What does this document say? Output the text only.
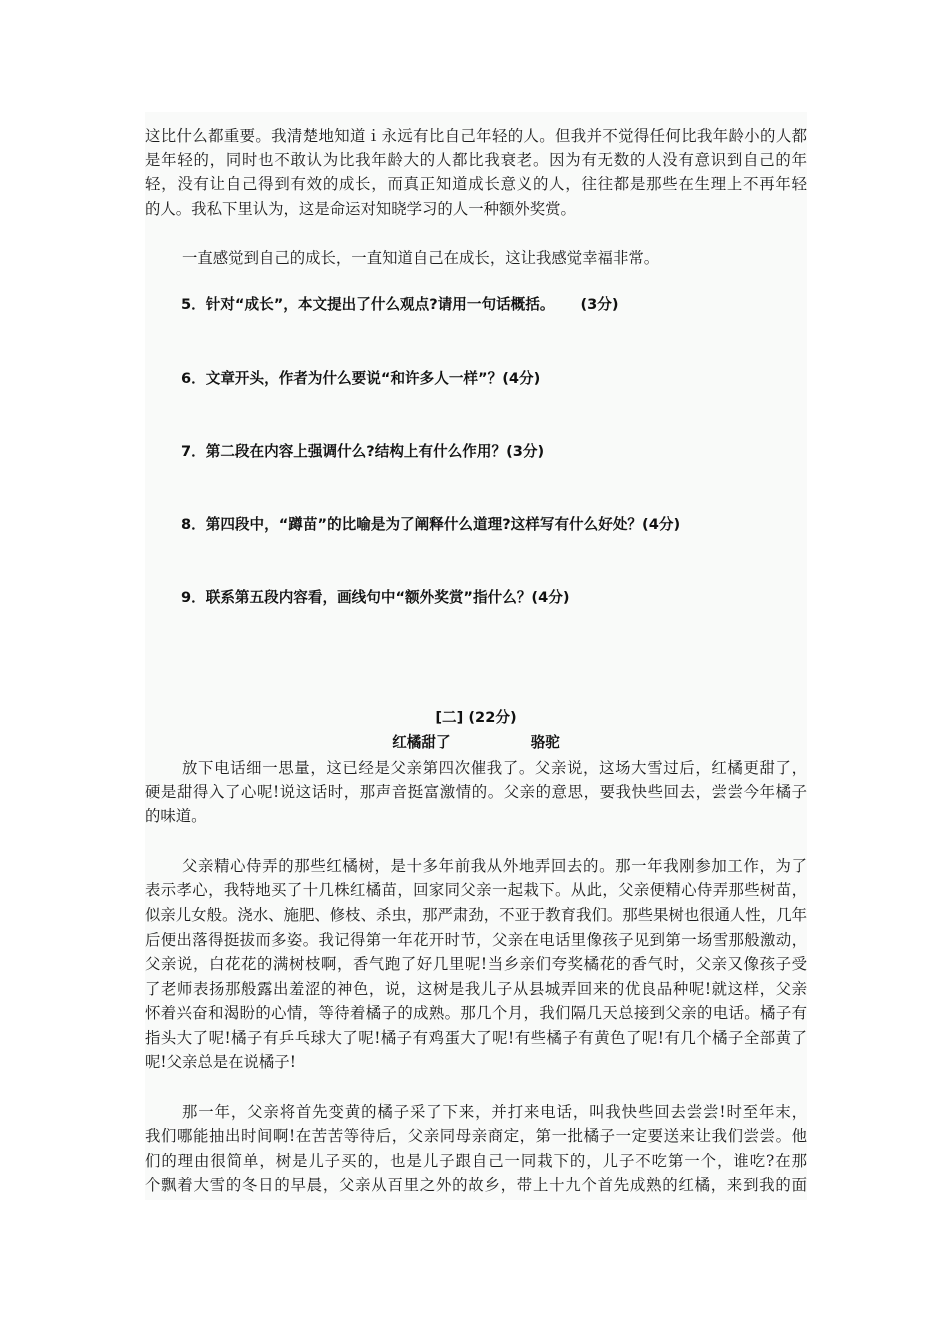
这比什么都重要。我清楚地知道ｉ永远有比自己年轻的人。但我并不觉得任何比我年龄小的人都
是年轻的，同时也不敢认为比我年龄大的人都比我衰老。因为有无数的人没有意识到自己的年
轻，没有让自己得到有效的成长，而真正知道成长意义的人，往往都是那些在生理上不再年轻
的人。我私下里认为，这是命运对知晓学习的人一种额外奖赏。
一直感觉到自己的成长，一直知道自己在成长，这让我感觉幸福非常。
5．针对“成长”，本文提出了什么观点?请用一句话概括。 (3分)
6．文章开头，作者为什么要说“和许多人一样”？(4分)
7．第二段在内容上强调什么?结构上有什么作用？(3分)
8．第四段中，“蹲苗”的比喻是为了阐释什么道理?这样写有什么好处？(4分)
9．联系第五段内容看，画线句中“额外奖赏”指什么？(4分)
[二] (22分)
红橘甜了	骆驼
放下电话细一思量，这已经是父亲第四次催我了。父亲说，这场大雪过后，红橘更甜了，
硬是甜得入了心呢!说这话时，那声音挺富激情的。父亲的意思，要我快些回去，尝尝今年橘子
的味道。
父亲精心侍弄的那些红橘树，是十多年前我从外地弄回去的。那一年我刚参加工作，为了
表示孝心，我特地买了十几株红橘苗，回家同父亲一起栽下。从此，父亲便精心侍弄那些树苗，
似亲儿女般。浇水、施肥、修枝、杀虫，那严肃劲，不亚于教育我们。那些果树也很通人性，几年
后便出落得挺拔而多姿。我记得第一年花开时节，父亲在电话里像孩子见到第一场雪那般激动，
父亲说，白花花的满树枝啊，香气跑了好几里呢!当乡亲们夸奖橘花的香气时，父亲又像孩子受
了老师表扬那般露出羞涩的神色，说，这树是我儿子从县城弄回来的优良品种呢!就这样，父亲
怀着兴奋和渴盼的心情，等待着橘子的成熟。那几个月，我们隔几天总接到父亲的电话。橘子有
指头大了呢!橘子有乒乓球大了呢!橘子有鸡蛋大了呢!有些橘子有黄色了呢!有几个橘子全部黄了
呢!父亲总是在说橘子!
那一年，父亲将首先变黄的橘子采了下来，并打来电话，叫我快些回去尝尝!时至年末，
我们哪能抽出时间啊!在苦苦等待后，父亲同母亲商定，第一批橘子一定要送来让我们尝尝。他
们的理由很简单，树是儿子买的，也是儿子跟自己一同栽下的，儿子不吃第一个，谁吃?在那
个飘着大雪的冬日的早晨，父亲从百里之外的故乡，带上十九个首先成熟的红橘，来到我的面
